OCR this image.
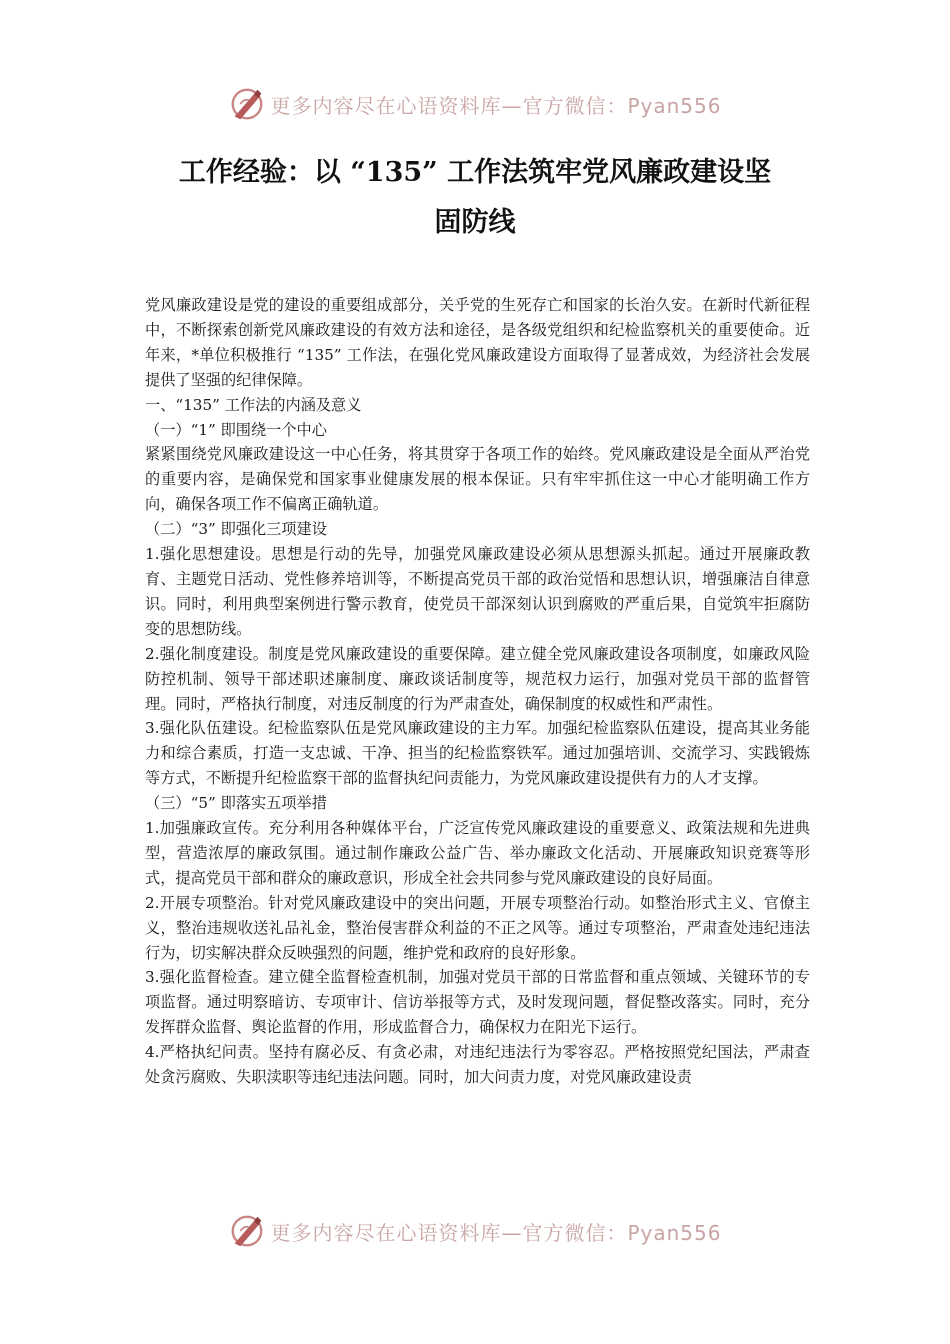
更多内容尽在心语资料库—官方微信：Pyan556
工作经验：以 “135” 工作法筑牢党风廉政建设坚
固防线

党风廉政建设是党的建设的重要组成部分，关乎党的生死存亡和国家的长治久安。在新时代新征程中，不断探索创新党风廉政建设的有效方法和途径，是各级党组织和纪检监察机关的重要使命。近年来，*单位积极推行 “135” 工作法，在强化党风廉政建设方面取得了显著成效，为经济社会发展提供了坚强的纪律保障。

一、“135” 工作法的内涵及意义

（一）“1” 即围绕一个中心

紧紧围绕党风廉政建设这一中心任务，将其贯穿于各项工作的始终。党风廉政建设是全面从严治党的重要内容，是确保党和国家事业健康发展的根本保证。只有牢牢抓住这一中心才能明确工作方向，确保各项工作不偏离正确轨道。

（二）“3” 即强化三项建设

1.强化思想建设。思想是行动的先导，加强党风廉政建设必须从思想源头抓起。通过开展廉政教育、主题党日活动、党性修养培训等，不断提高党员干部的政治觉悟和思想认识，增强廉洁自律意识。同时，利用典型案例进行警示教育，使党员干部深刻认识到腐败的严重后果，自觉筑牢拒腐防变的思想防线。

2.强化制度建设。制度是党风廉政建设的重要保障。建立健全党风廉政建设各项制度，如廉政风险防控机制、领导干部述职述廉制度、廉政谈话制度等，规范权力运行，加强对党员干部的监督管理。同时，严格执行制度，对违反制度的行为严肃查处，确保制度的权威性和严肃性。

3.强化队伍建设。纪检监察队伍是党风廉政建设的主力军。加强纪检监察队伍建设，提高其业务能力和综合素质，打造一支忠诚、干净、担当的纪检监察铁军。通过加强培训、交流学习、实践锻炼等方式，不断提升纪检监察干部的监督执纪问责能力，为党风廉政建设提供有力的人才支撑。

（三）“5” 即落实五项举措

1.加强廉政宣传。充分利用各种媒体平台，广泛宣传党风廉政建设的重要意义、政策法规和先进典型，营造浓厚的廉政氛围。通过制作廉政公益广告、举办廉政文化活动、开展廉政知识竞赛等形式，提高党员干部和群众的廉政意识，形成全社会共同参与党风廉政建设的良好局面。

2.开展专项整治。针对党风廉政建设中的突出问题，开展专项整治行动。如整治形式主义、官僚主义，整治违规收送礼品礼金，整治侵害群众利益的不正之风等。通过专项整治，严肃查处违纪违法行为，切实解决群众反映强烈的问题，维护党和政府的良好形象。

3.强化监督检查。建立健全监督检查机制，加强对党员干部的日常监督和重点领域、关键环节的专项监督。通过明察暗访、专项审计、信访举报等方式，及时发现问题，督促整改落实。同时，充分发挥群众监督、舆论监督的作用，形成监督合力，确保权力在阳光下运行。

4.严格执纪问责。坚持有腐必反、有贪必肃，对违纪违法行为零容忍。严格按照党纪国法，严肃查处贪污腐败、失职渎职等违纪违法问题。同时，加大问责力度，对党风廉政建设责

更多内容尽在心语资料库—官方微信：Pyan556
